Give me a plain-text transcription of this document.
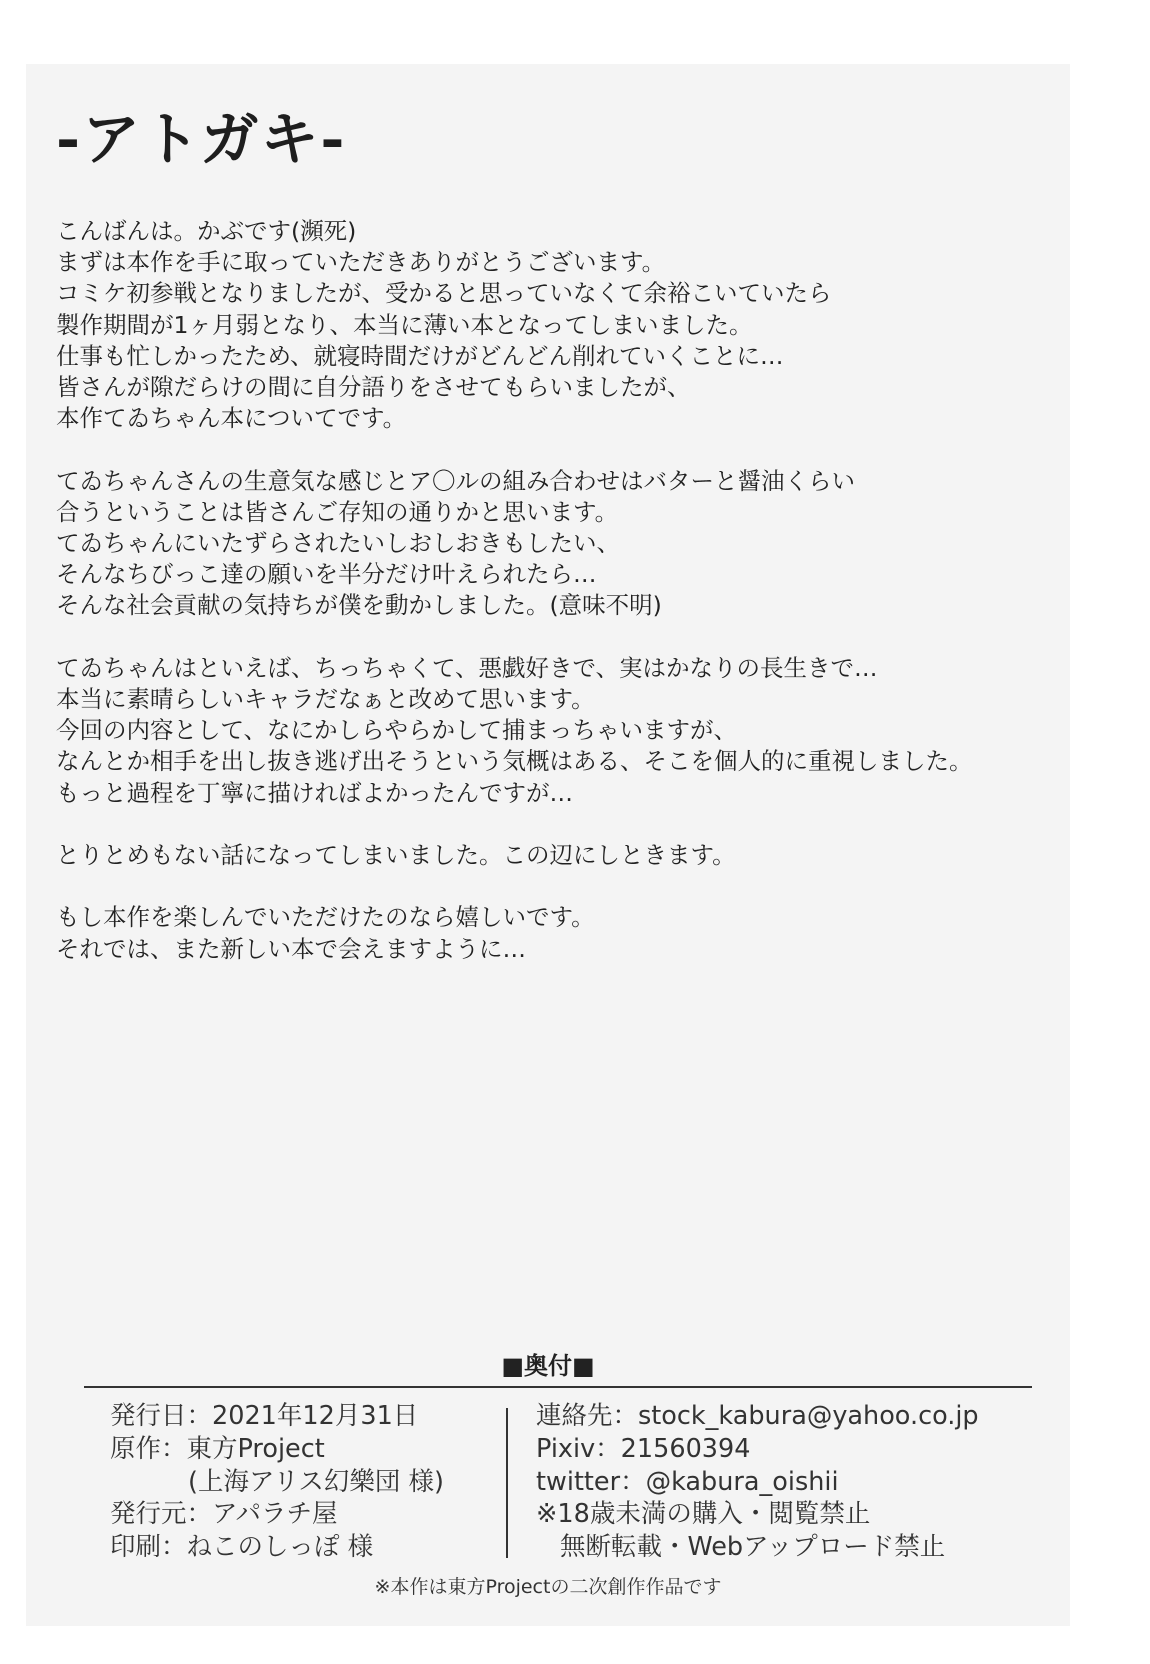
-アトガキ-

こんばんは。かぶです(瀕死)
まずは本作を手に取っていただきありがとうございます。
コミケ初参戦となりましたが、受かると思っていなくて余裕こいていたら
製作期間が1ヶ月弱となり、本当に薄い本となってしまいました。
仕事も忙しかったため、就寝時間だけがどんどん削れていくことに…
皆さんが隙だらけの間に自分語りをさせてもらいましたが、
本作てゐちゃん本についてです。

てゐちゃんさんの生意気な感じとア〇ルの組み合わせはバターと醤油くらい
合うということは皆さんご存知の通りかと思います。
てゐちゃんにいたずらされたいしおしおきもしたい、
そんなちびっこ達の願いを半分だけ叶えられたら…
そんな社会貢献の気持ちが僕を動かしました。(意味不明)

てゐちゃんはといえば、ちっちゃくて、悪戯好きで、実はかなりの長生きで…
本当に素晴らしいキャラだなぁと改めて思います。
今回の内容として、なにかしらやらかして捕まっちゃいますが、
なんとか相手を出し抜き逃げ出そうという気概はある、そこを個人的に重視しました。
もっと過程を丁寧に描ければよかったんですが…

とりとめもない話になってしまいました。この辺にしときます。

もし本作を楽しんでいただけたのなら嬉しいです。
それでは、また新しい本で会えますように…

■奥付■
発行日：2021年12月31日
原作：東方Project
(上海アリス幻樂団 様)
発行元：アパラチ屋
印刷：ねこのしっぽ 様
連絡先：stock_kabura@yahoo.co.jp
Pixiv：21560394
twitter：@kabura_oishii
※18歳未満の購入・閲覧禁止
無断転載・Webアップロード禁止
※本作は東方Projectの二次創作作品です
